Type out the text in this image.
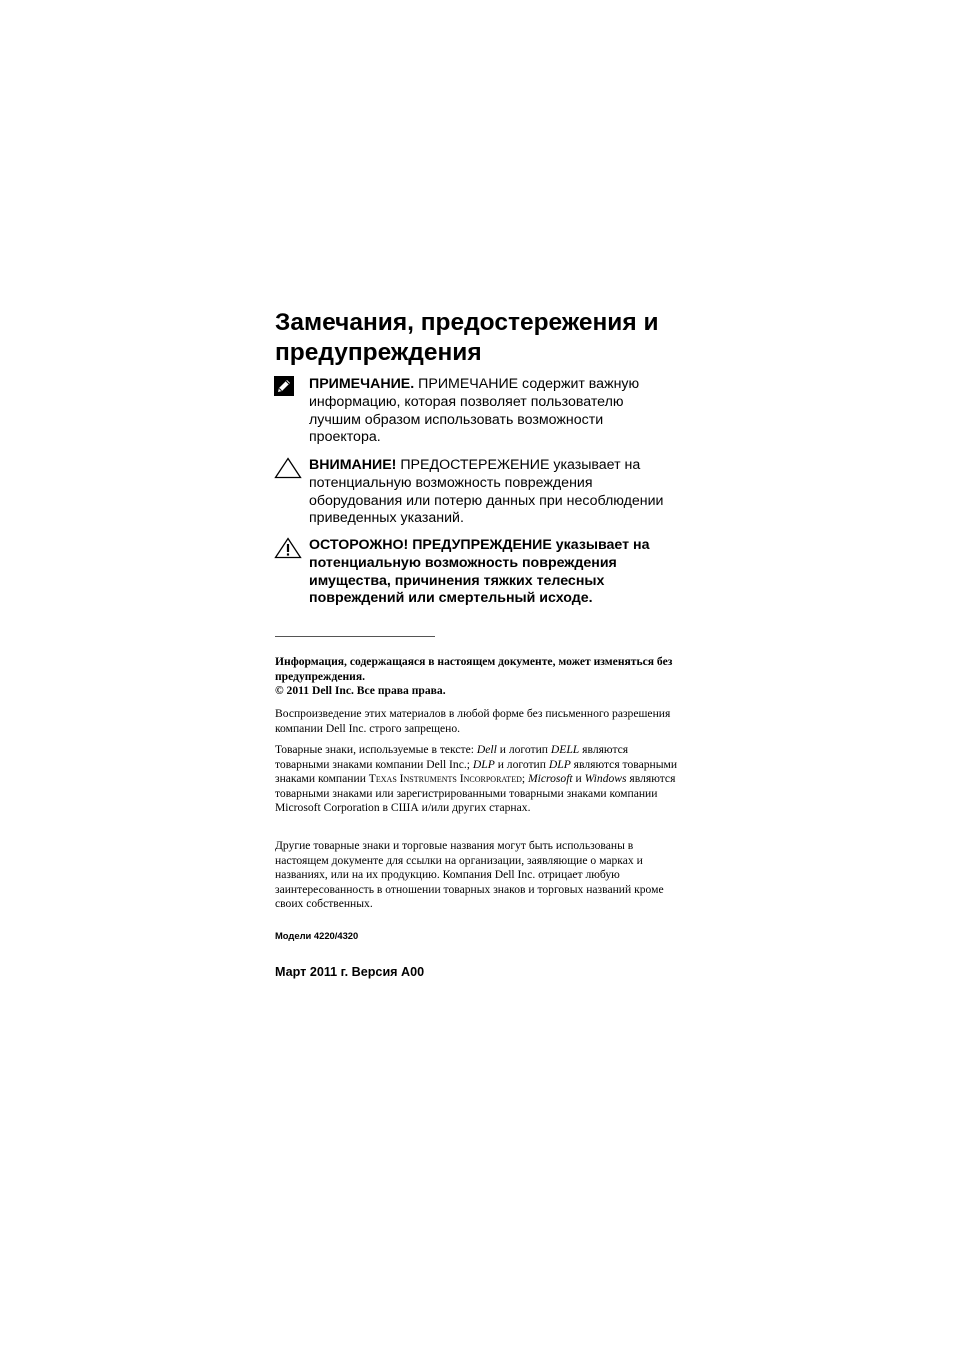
Замечания, предостережения и предупреждения
ПРИМЕЧАНИЕ. ПРИМЕЧАНИЕ содержит важную информацию, которая позволяет пользователю лучшим образом использовать возможности проектора.
ВНИМАНИЕ! ПРЕДОСТЕРЕЖЕНИЕ указывает на потенциальную возможность повреждения оборудования или потерю данных при несоблюдении приведенных указаний.
ОСТОРОЖНО! ПРЕДУПРЕЖДЕНИЕ указывает на потенциальную возможность повреждения имущества, причинения тяжких телесных повреждений или смертельный исходе.

Информация, содержащаяся в настоящем документе, может изменяться без предупреждения.

© 2011 Dell Inc. Все права права.

Воспроизведение этих материалов в любой форме без письменного разрешения компании Dell Inc. строго запрещено.

Товарные знаки, используемые в тексте: Dell и логотип DELL являются товарными знаками компании Dell Inc.; DLP и логотип DLP являются товарными знаками компании Texas Instruments Incorporated; Microsoft и Windows являются товарными знаками или зарегистрированными товарными знаками компании Microsoft Corporation в США и/или других старнах.

Другие товарные знаки и торговые названия могут быть использованы в настоящем документе для ссылки на организации, заявляющие о марках и названиях, или на их продукцию. Компания Dell Inc. отрицает любую заинтересованность в отношении товарных знаков и торговых названий кроме своих собственных.

Модели 4220/4320
Март 2011 г. Версия A00
